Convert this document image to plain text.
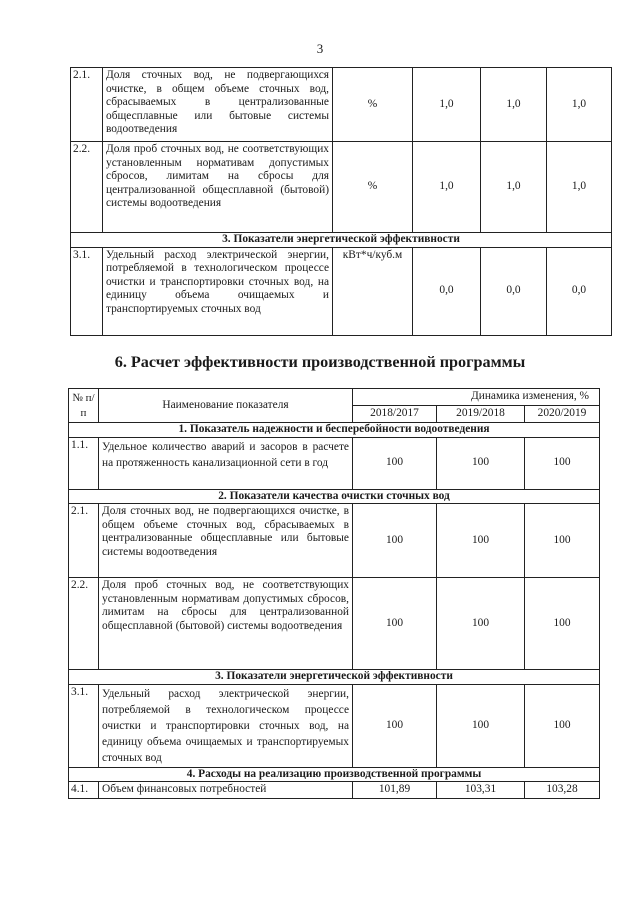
3
2.1.	Доля сточных вод, не подвергающихся очистке, в общем объеме сточных вод, сбрасываемых в централизованные общесплавные или бытовые системы водоотведения	%	1,0	1,0	1,0
2.2.	Доля проб сточных вод, не соответствующих установленным нормативам допустимых сбросов, лимитам на сбросы для централизованной общесплавной (бытовой) системы водоотведения	%	1,0	1,0	1,0
3. Показатели энергетической эффективности					
3.1.	Удельный расход электрической энергии, потребляемой в технологическом процессе очистки и транспортировки сточных вод, на единицу объема очищаемых и транспортируемых сточных вод	кВт*ч/куб.м	0,0	0,0	0,0
6. Расчет эффективности производственной программы
№ п/п	Наименование показателя	Динамика изменения, %		
		2018/2017	2019/2018	2020/2019
1. Показатель надежности и бесперебойности водоотведения				
1.1.	Удельное количество аварий и засоров в расчете на протяженность канализационной сети в год	100	100	100
2. Показатели качества очистки сточных вод				
2.1.	Доля сточных вод, не подвергающихся очистке, в общем объеме сточных вод, сбрасываемых в централизованные общесплавные или бытовые системы водоотведения	100	100	100
2.2.	Доля проб сточных вод, не соответствующих установленным нормативам допустимых сбросов, лимитам на сбросы для централизованной общесплавной (бытовой) системы водоотведения	100	100	100
3. Показатели энергетической эффективности				
3.1.	Удельный расход электрической энергии, потребляемой в технологическом процессе очистки и транспортировки сточных вод, на единицу объема очищаемых и транспортируемых сточных вод	100	100	100
4. Расходы на реализацию производственной программы				
4.1.	Объем финансовых потребностей	101,89	103,31	103,28
